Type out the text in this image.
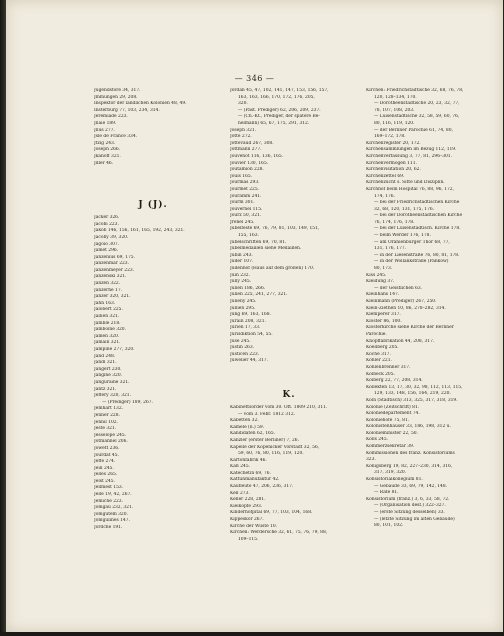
— 346 —
Jugendstore 34, 317.
Jmmungen 29, 208.
Inspektor der ländlichen Kolonien 48, 49.
Insterburg 77, 103, 234, 314.
Jeremiade 223.
Jllaie 189.
Jllus 277.
Jsle de France 334.
Jtzig 243.
Joseph 266.
Jkanoff 321.
Jdler 46.
J (J).
Jacker 326.
Jacobi 223.
Jakob 146, 156, 161, 165, 192, 243, 321.
Jacoby 39, 320.
Jagoio 307.
Jamet 296.
Janzenius 69, 175.
Janzenmar 223.
Janzenmeyer 223.
Janzenski 321.
Janzen 322.
Janzerhe 17.
Janzer 320, 321.
Jahn 163.
Jalobert 225.
Jallien 321.
Jamble 218.
Jamboine 320.
Jamen 320.
Jamain 321.
Jampine 277, 320.
Jand 248.
Jandl 321.
Jangert 230.
Jangine 320.
Janguraine 321.
Jantz 321.
Jeffery 320, 321.
— (Prediger) 189, 267.
Jemhart 132.
Jenner 228.
Jennil 102.
Jeste 321.
Jesselope 245.
Jotmannel 206.
Jowett 236.
Jourdat 45.
Jeffe 274.
Jeill 245.
Jelles 265.
Jelst 245.
Jellmest 153.
Jelle 19, 42, 267.
Jemiche 223.
Jomgau 232, 321.
Jomgutem 320.
Jomgulines 147.
Jordche 191.
Jordan 45, 47, 102, 141, 147, 153, 156, 157,
163, 163, 166, 170, 172, 176, 205,
320.
— (Past. Prediger) 62, 206, 209, 237.
— (Ch.-Kt., Prediger, der spätere Be-
helmann) 65, 67, 175, 291, 312.
Joseph 321.
Jotte 272.
Jottevaud 267, 308.
Jottmann 277.
Jouvenot 116, 136, 165.
Jouvier 130, 165.
Joutamion 228.
Jouis 165.
Jourmas 293.
Jourmet 225.
Jouramm 241.
Jourm 301.
Jouvernel 115.
Jourz 50, 321.
Jrenel 245.
Jubelfeste 69, 76, 79, 81, 103, 149, 151,
155, 163.
Jubelschriften 69, 70, 81.
Jubelmedaillen siehe Medaillen.
Jubin 243.
Juder 107.
Jüdenhof (Haus auf dem großen) 170.
Juin 232.
Jully 245.
Julien 186, 266.
Julien 225, 241, 277, 321.
Julieny 245.
Jullien 295.
Jung 69, 163, 168.
Jurain 208, 321.
Jurien 17, 33.
Jurisdiktion 54, 55.
Juse 245.
Justin 263.
Justicen 223.
Juwelier 44, 317.
K.
Kabinettsorder vom 30. Oft. 1809 210, 311.
— vom 3. Febr. 1812 312.
Kabetten 32.
Kamele (n.) 59.
Kandidaten 62, 165.
Kanzler (erster Berliner) 7, 26.
Kapelle der Köpenicker Vorstadt 32, 56,
59, 60, 76, 80, 116, 119, 120.
Kartonfabrik 46.
Kaß 245.
Katechetin 69, 76.
Kattunmanufaktur 42.
Kaufleute 47, 206, 236, 317.
Kell 273.
Keller 228, 281.
Kielkopfe 293.
Kinderhofpital 69, 77, 103, 104, 168.
Kippeskor 267.
Kirche der Wüste 10.
Kirchen: Werdersche 32, 61, 75, 76, 79, 88,
109–115.
Kirchen: Friedrichstädtische 32, 68, 76, 78,
120, 128–134, 170.
— Dorotheenstädtische 20, 23, 32, 77,
78, 107, 108, 203.
— Luisenstädtische 32, 58, 59, 60, 76,
80, 116, 119, 120.
— der Berliner Parochie 61, 74, 80,
169–172, 178.
Kirchenregister 20, 172.
Kirchensammlungen im Bezug 112, 119.
Kirchenverfassung 3, 77, 81, 296–301.
Kirchenvermögen 111.
Kirchenvisitation 20, 62.
Kirchenzettel 69.
Kirchenzucht s. Sitte und Disziplin.
Kirchhof beim Hospital 76, 88, 96, 172,
174, 176.
— bei der Friedrichstädtischen Kirche
32, 68, 120, 131, 175, 176.
— bei der Dorotheenstädtischen Kirche
76, 174, 176, 178.
— bei der Luisenstädtisch. Kirche 178.
— beim Werder 176, 178.
— am Oranienburger Thor 68, 77,
131, 176, 177.
— in der Liesenstraße 76, 80, 81, 178.
— in der Wollankstraße (Pankow)
80, 173.
Kiss 245.
Kleidung 37.
— der Geistlichen 63.
Kleinhans 147.
Kleinmann (Prediger) 267, 250.
Klein-Ziethen 10, 86, 278–282, 314.
Klemperer 317.
Kloster 86, 100.
Klosterkirche siehe Kirche der Berliner
Parochie.
Knopffabrikation 44, 208, 317.
Koellberg 205.
Köche 317.
Köhler 221.
Kohlenbrenner 317.
Kolbeck 205.
Kolberg 22, 77, 208, 314.
Kollekten 13, 17, 30, 32, 98, 112, 113, 115,
129, 133, 148, 156, 164, 219, 220.
Köln (Städtisch) 313, 325, 317, 318, 319.
Kolonie (Zeitschrift) 81.
Koloniedepartement 74.
Koloniehöfe 75, 81.
Kolonistenhäuser 33, 186, 198, 312 u.
Kolonieminister 22, 50.
Kölls 245.
Kommerzsekretär 39.
Kommissionen des franz. Konsistoriums
323.
Königsberg 19, 82, 227–230, 314, 316,
317, 319, 320.
Konsistorialkollegium 81.
— Gebäude 33, 69, 79, 142, 148.
— Räte 81.
Konsistorium (franz.) 3, 6, 33, 58, 72.
— (Organisation desf.) 322–327.
— (erste Sitzung desselben) 33.
— (letzte Sitzung im alten Gebäude)
80, 101, 102.
